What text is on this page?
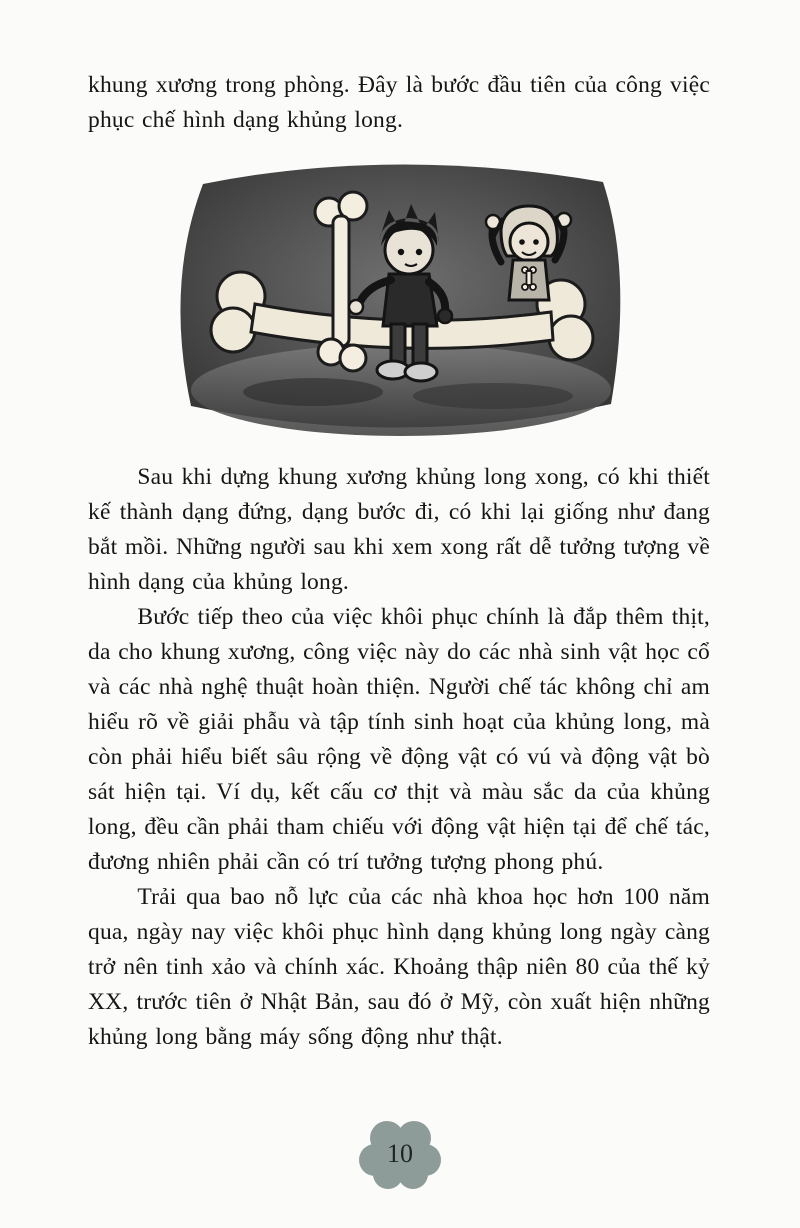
khung xương trong phòng. Đây là bước đầu tiên của công việc phục chế hình dạng khủng long.

Sau khi dựng khung xương khủng long xong, có khi thiết kế thành dạng đứng, dạng bước đi, có khi lại giống như đang bắt mồi. Những người sau khi xem xong rất dễ tưởng tượng về hình dạng của khủng long.

Bước tiếp theo của việc khôi phục chính là đắp thêm thịt, da cho khung xương, công việc này do các nhà sinh vật học cổ và các nhà nghệ thuật hoàn thiện. Người chế tác không chỉ am hiểu rõ về giải phẫu và tập tính sinh hoạt của khủng long, mà còn phải hiểu biết sâu rộng về động vật có vú và động vật bò sát hiện tại. Ví dụ, kết cấu cơ thịt và màu sắc da của khủng long, đều cần phải tham chiếu với động vật hiện tại để chế tác, đương nhiên phải cần có trí tưởng tượng phong phú.

Trải qua bao nỗ lực của các nhà khoa học hơn 100 năm qua, ngày nay việc khôi phục hình dạng khủng long ngày càng trở nên tinh xảo và chính xác. Khoảng thập niên 80 của thế kỷ XX, trước tiên ở Nhật Bản, sau đó ở Mỹ, còn xuất hiện những khủng long bằng máy sống động như thật.

10
